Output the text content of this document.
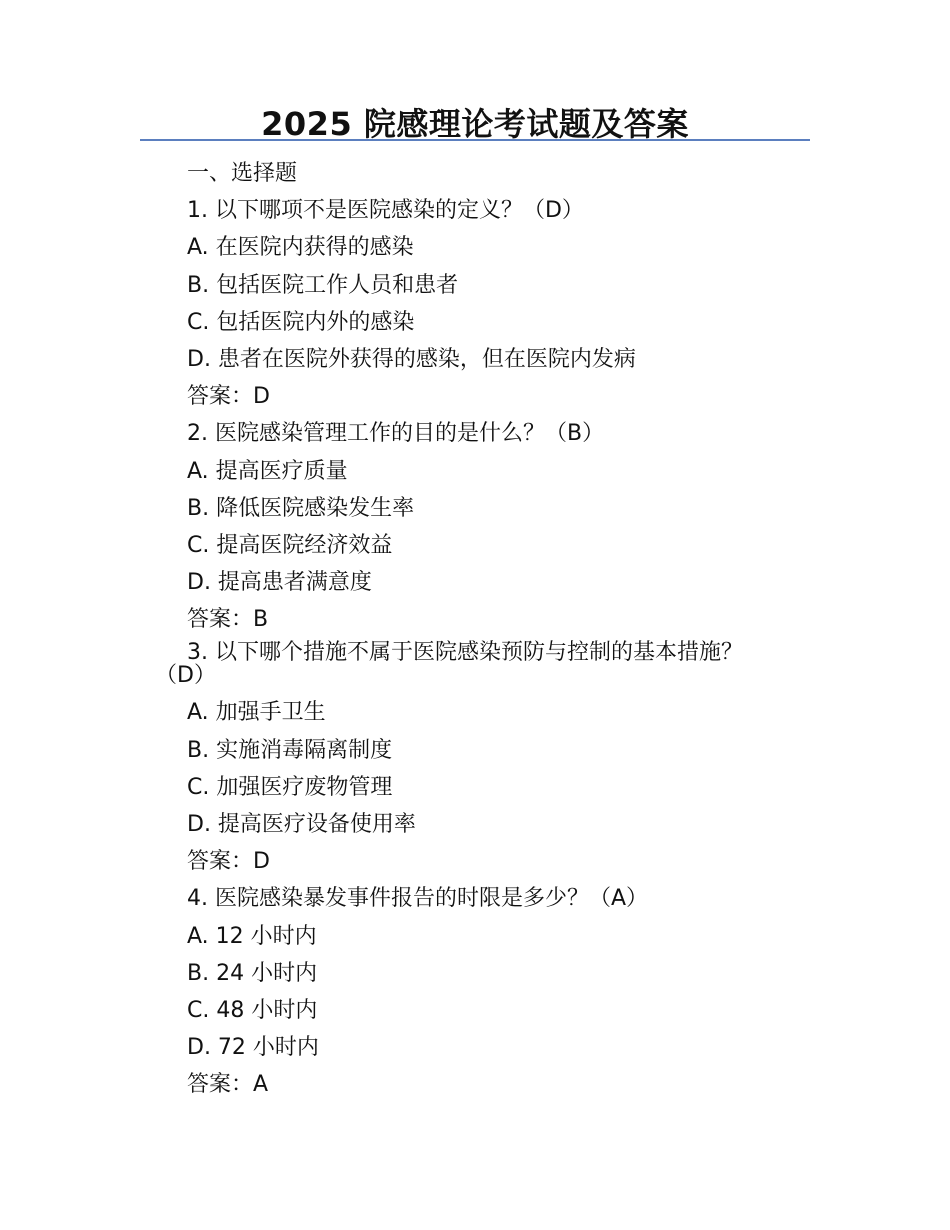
2025 院感理论考试题及答案
一、选择题
1. 以下哪项不是医院感染的定义？（D）
A. 在医院内获得的感染
B. 包括医院工作人员和患者
C. 包括医院内外的感染
D. 患者在医院外获得的感染，但在医院内发病
答案：D
2. 医院感染管理工作的目的是什么？（B）
A. 提高医疗质量
B. 降低医院感染发生率
C. 提高医院经济效益
D. 提高患者满意度
答案：B
3. 以下哪个措施不属于医院感染预防与控制的基本措施？
（D）
A. 加强手卫生
B. 实施消毒隔离制度
C. 加强医疗废物管理
D. 提高医疗设备使用率
答案：D
4. 医院感染暴发事件报告的时限是多少？（A）
A. 12 小时内
B. 24 小时内
C. 48 小时内
D. 72 小时内
答案：A
